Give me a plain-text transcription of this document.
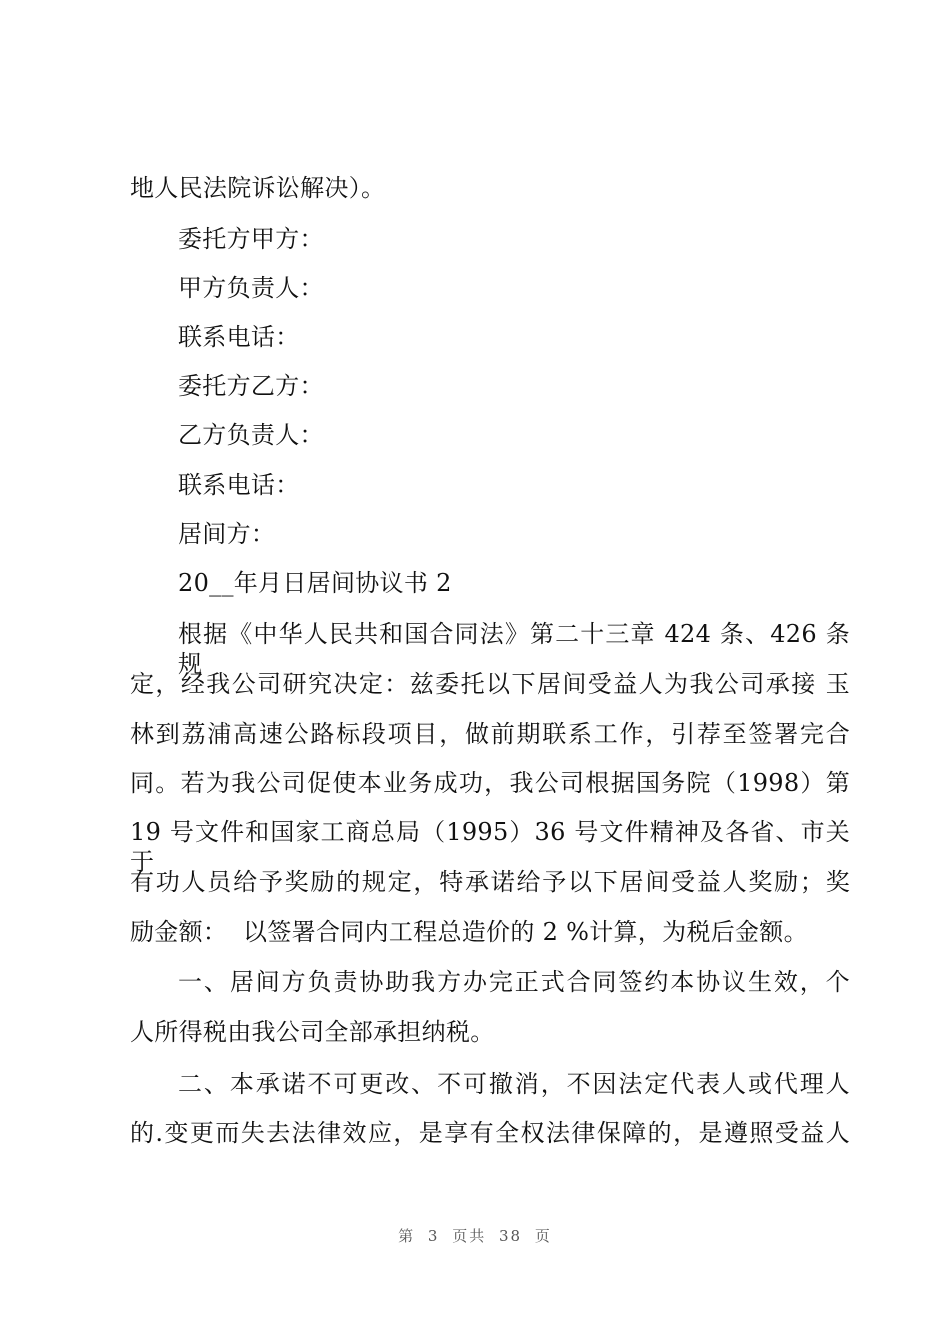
地人民法院诉讼解决）。
委托方甲方：
甲方负责人：
联系电话：
委托方乙方：
乙方负责人：
联系电话：
居间方：
20__年月日居间协议书 2
根据《中华人民共和国合同法》第二十三章 424 条、426 条规
定，经我公司研究决定：兹委托以下居间受益人为我公司承接 玉
林到荔浦高速公路标段项目，做前期联系工作，引荐至签署完合
同。若为我公司促使本业务成功，我公司根据国务院（1998）第
19 号文件和国家工商总局（1995）36 号文件精神及各省、市关于
有功人员给予奖励的规定，特承诺给予以下居间受益人奖励；奖
励金额：  以签署合同内工程总造价的 2 %计算，为税后金额。
一、居间方负责协助我方办完正式合同签约本协议生效，个
人所得税由我公司全部承担纳税。
二、本承诺不可更改、不可撤消，不因法定代表人或代理人
的.变更而失去法律效应，是享有全权法律保障的，是遵照受益人
第 3 页共 38 页
